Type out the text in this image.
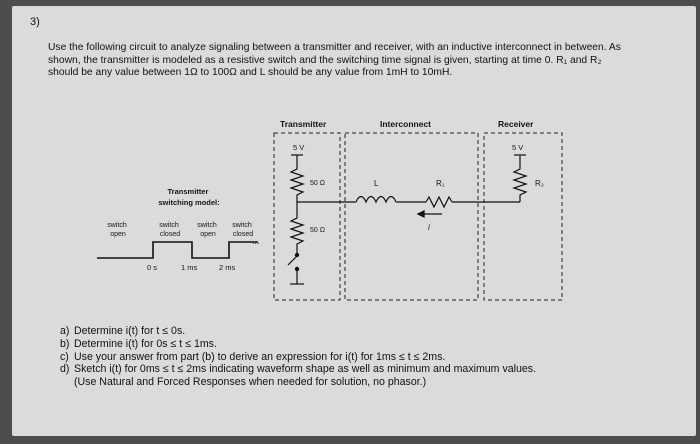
3)
Use the following circuit to analyze signaling between a transmitter and receiver, with an inductive interconnect in between. As shown, the transmitter is modeled as a resistive switch and the switching time signal is given, starting at time 0. R₁ and R₂ should be any value between 1Ω to 100Ω and L should be any value from 1mH to 10mH.
Transmitter	Interconnect	Receiver
5 V
50 Ω
50 Ω
L	R₁
i
5 V
R₂
Transmitter switching model:
switch open
switch closed
switch open
switch closed
...
0 s	1 ms	2 ms
a) Determine i(t) for t ≤ 0s.
b) Determine i(t) for 0s ≤ t ≤ 1ms.
c) Use your answer from part (b) to derive an expression for i(t) for 1ms ≤ t ≤ 2ms.
d) Sketch i(t) for 0ms ≤ t ≤ 2ms indicating waveform shape as well as minimum and maximum values.
(Use Natural and Forced Responses when needed for solution, no phasor.)
